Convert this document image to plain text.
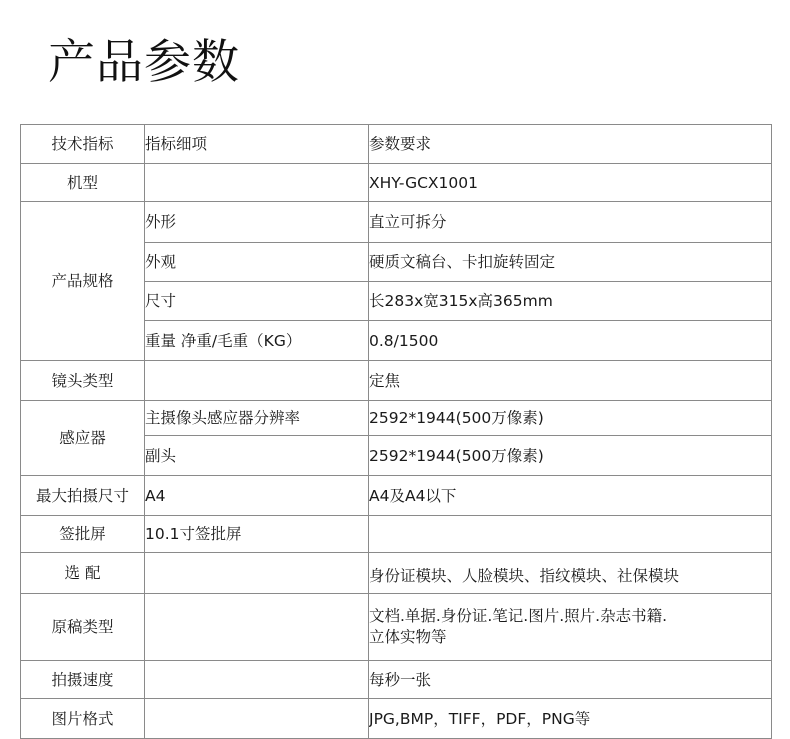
产品参数
技术指标	指标细项	参数要求
机型		XHY-GCX1001
产品规格	外形	直立可拆分
	外观	硬质文稿台、卡扣旋转固定
	尺寸	长283x宽315x高365mm
	重量 净重/毛重（KG）	0.8/1500
镜头类型		定焦
感应器	主摄像头感应器分辨率	2592*1944(500万像素)
	副头	2592*1944(500万像素)
最大拍摄尺寸	A4	A4及A4以下
签批屏	10.1寸签批屏	
选 配		身份证模块、人脸模块、指纹模块、社保模块
原稿类型		文档.单据.身份证.笔记.图片.照片.杂志书籍.
立体实物等

拍摄速度		每秒一张
图片格式		JPG,BMP，TIFF，PDF，PNG等
